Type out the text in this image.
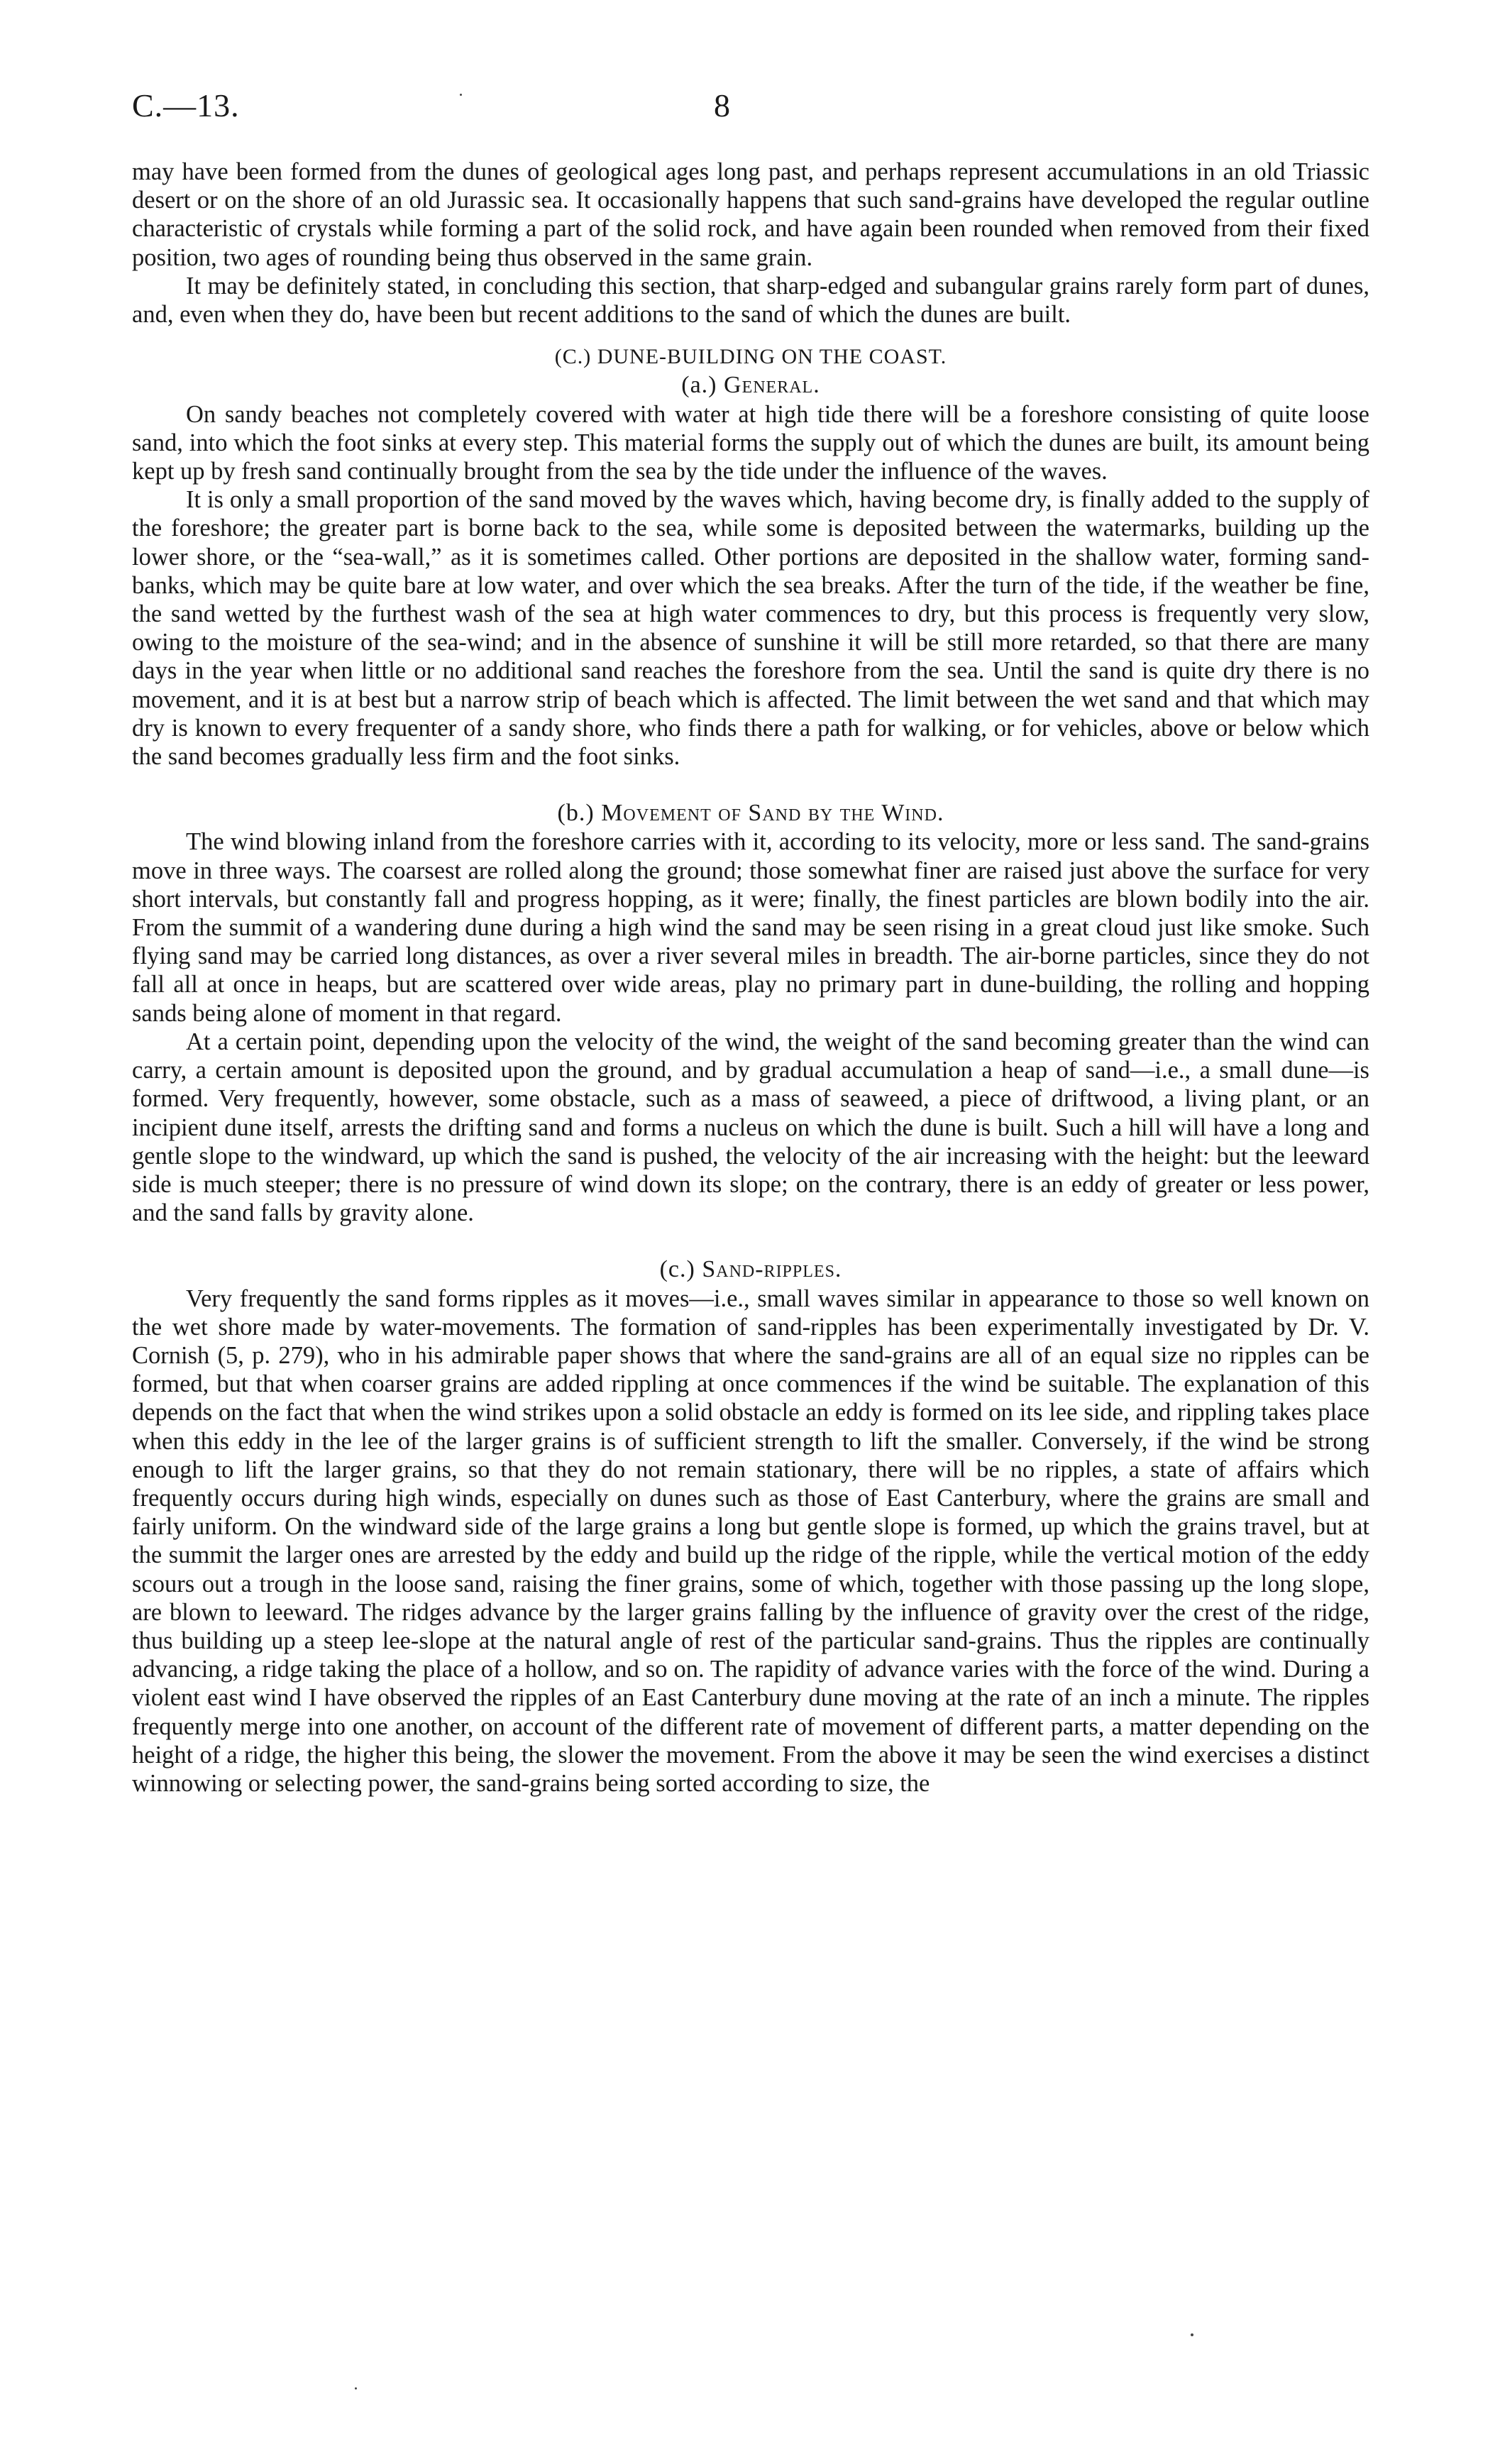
C.—13.	8

may have been formed from the dunes of geological ages long past, and perhaps represent accumulations in an old Triassic desert or on the shore of an old Jurassic sea. It occasionally happens that such sand-grains have developed the regular outline characteristic of crystals while forming a part of the solid rock, and have again been rounded when removed from their fixed position, two ages of rounding being thus observed in the same grain.

It may be definitely stated, in concluding this section, that sharp-edged and subangular grains rarely form part of dunes, and, even when they do, have been but recent additions to the sand of which the dunes are built.

(C.) DUNE-BUILDING ON THE COAST.
(a.) General.

On sandy beaches not completely covered with water at high tide there will be a foreshore consisting of quite loose sand, into which the foot sinks at every step. This material forms the supply out of which the dunes are built, its amount being kept up by fresh sand continually brought from the sea by the tide under the influence of the waves.

It is only a small proportion of the sand moved by the waves which, having become dry, is finally added to the supply of the foreshore; the greater part is borne back to the sea, while some is deposited between the watermarks, building up the lower shore, or the “sea-wall,” as it is sometimes called. Other portions are deposited in the shallow water, forming sand-banks, which may be quite bare at low water, and over which the sea breaks. After the turn of the tide, if the weather be fine, the sand wetted by the furthest wash of the sea at high water commences to dry, but this process is frequently very slow, owing to the moisture of the sea-wind; and in the absence of sunshine it will be still more retarded, so that there are many days in the year when little or no additional sand reaches the foreshore from the sea. Until the sand is quite dry there is no movement, and it is at best but a narrow strip of beach which is affected. The limit between the wet sand and that which may dry is known to every frequenter of a sandy shore, who finds there a path for walking, or for vehicles, above or below which the sand becomes gradually less firm and the foot sinks.

(b.) Movement of Sand by the Wind.

The wind blowing inland from the foreshore carries with it, according to its velocity, more or less sand. The sand-grains move in three ways. The coarsest are rolled along the ground; those somewhat finer are raised just above the surface for very short intervals, but constantly fall and progress hopping, as it were; finally, the finest particles are blown bodily into the air. From the summit of a wandering dune during a high wind the sand may be seen rising in a great cloud just like smoke. Such flying sand may be carried long distances, as over a river several miles in breadth. The air-borne particles, since they do not fall all at once in heaps, but are scattered over wide areas, play no primary part in dune-building, the rolling and hopping sands being alone of moment in that regard.

At a certain point, depending upon the velocity of the wind, the weight of the sand becoming greater than the wind can carry, a certain amount is deposited upon the ground, and by gradual accumulation a heap of sand—i.e., a small dune—is formed. Very frequently, however, some obstacle, such as a mass of seaweed, a piece of driftwood, a living plant, or an incipient dune itself, arrests the drifting sand and forms a nucleus on which the dune is built. Such a hill will have a long and gentle slope to the windward, up which the sand is pushed, the velocity of the air increasing with the height: but the leeward side is much steeper; there is no pressure of wind down its slope; on the contrary, there is an eddy of greater or less power, and the sand falls by gravity alone.

(c.) Sand-ripples.

Very frequently the sand forms ripples as it moves—i.e., small waves similar in appearance to those so well known on the wet shore made by water-movements. The formation of sand-ripples has been experimentally investigated by Dr. V. Cornish (5, p. 279), who in his admirable paper shows that where the sand-grains are all of an equal size no ripples can be formed, but that when coarser grains are added rippling at once commences if the wind be suitable. The explanation of this depends on the fact that when the wind strikes upon a solid obstacle an eddy is formed on its lee side, and rippling takes place when this eddy in the lee of the larger grains is of sufficient strength to lift the smaller. Conversely, if the wind be strong enough to lift the larger grains, so that they do not remain stationary, there will be no ripples, a state of affairs which frequently occurs during high winds, especially on dunes such as those of East Canterbury, where the grains are small and fairly uniform. On the windward side of the large grains a long but gentle slope is formed, up which the grains travel, but at the summit the larger ones are arrested by the eddy and build up the ridge of the ripple, while the vertical motion of the eddy scours out a trough in the loose sand, raising the finer grains, some of which, together with those passing up the long slope, are blown to leeward. The ridges advance by the larger grains falling by the influence of gravity over the crest of the ridge, thus building up a steep lee-slope at the natural angle of rest of the particular sand-grains. Thus the ripples are continually advancing, a ridge taking the place of a hollow, and so on. The rapidity of advance varies with the force of the wind. During a violent east wind I have observed the ripples of an East Canterbury dune moving at the rate of an inch a minute. The ripples frequently merge into one another, on account of the different rate of movement of different parts, a matter depending on the height of a ridge, the higher this being, the slower the movement. From the above it may be seen the wind exercises a distinct winnowing or selecting power, the sand-grains being sorted according to size, the
